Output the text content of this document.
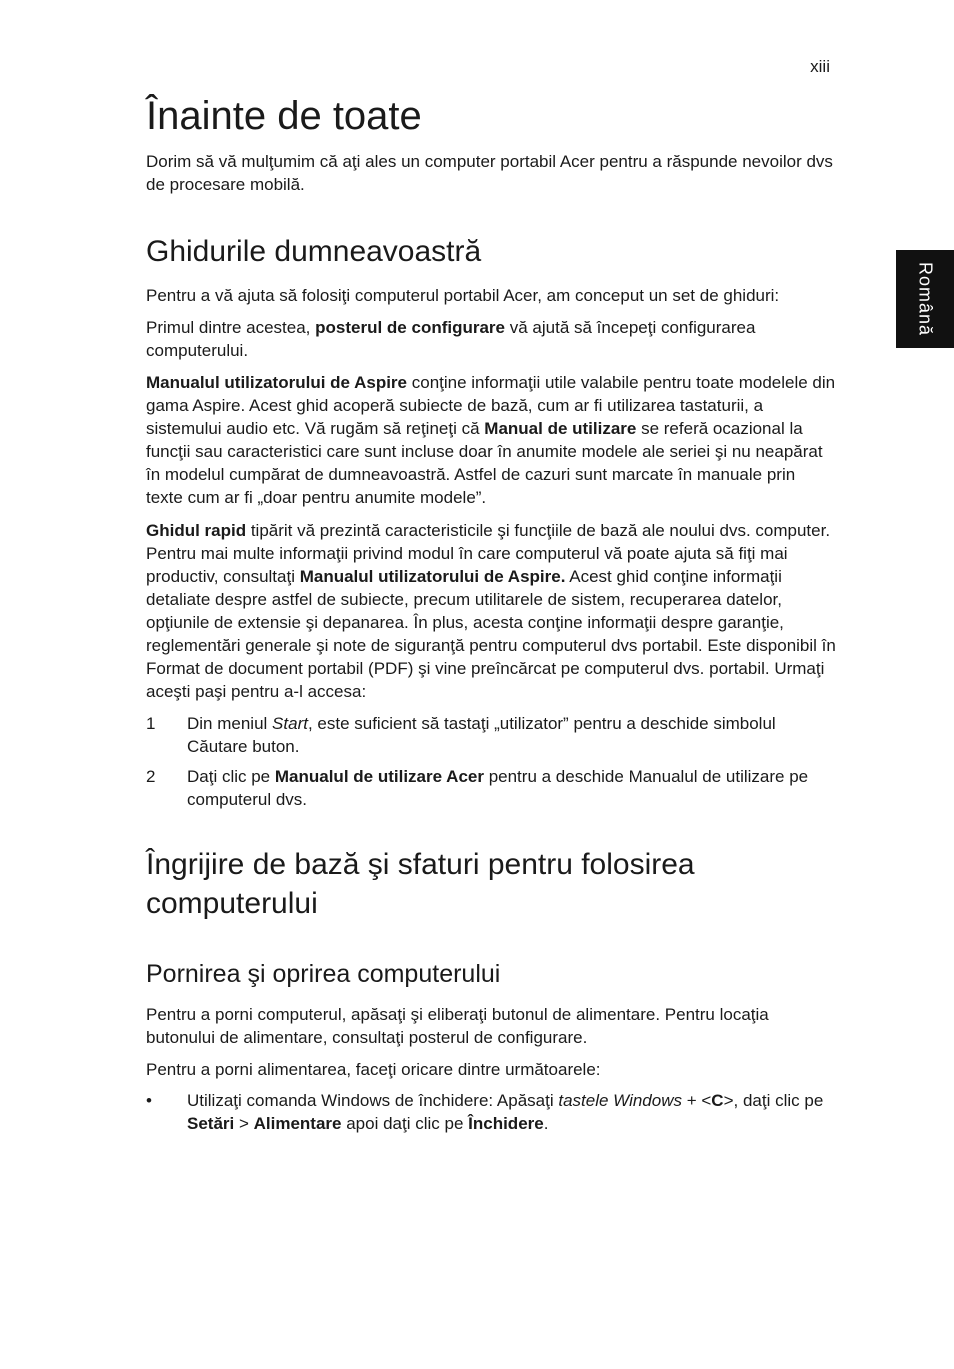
xiii
Română
Înainte de toate

Dorim să vă mulţumim că aţi ales un computer portabil Acer pentru a răspunde nevoilor dvs de procesare mobilă.

Ghidurile dumneavoastră

Pentru a vă ajuta să folosiţi computerul portabil Acer, am conceput un set de ghiduri:

Primul dintre acestea, posterul de configurare vă ajută să începeţi configurarea computerului.

Manualul utilizatorului de Aspire conţine informaţii utile valabile pentru toate modelele din gama Aspire. Acest ghid acoperă subiecte de bază, cum ar fi utilizarea tastaturii, a sistemului audio etc. Vă rugăm să reţineţi că Manual de utilizare se referă ocazional la funcţii sau caracteristici care sunt incluse doar în anumite modele ale seriei şi nu neapărat în modelul cumpărat de dumneavoastră. Astfel de cazuri sunt marcate în manuale prin texte cum ar fi „doar pentru anumite modele”.

Ghidul rapid tipărit vă prezintă caracteristicile şi funcţiile de bază ale noului dvs. computer. Pentru mai multe informaţii privind modul în care computerul vă poate ajuta să fiţi mai productiv, consultaţi Manualul utilizatorului de Aspire. Acest ghid conţine informaţii detaliate despre astfel de subiecte, precum utilitarele de sistem, recuperarea datelor, opţiunile de extensie şi depanarea. În plus, acesta conţine informaţii despre garanţie, reglementări generale şi note de siguranţă pentru computerul dvs portabil. Este disponibil în Format de document portabil (PDF) şi vine preîncărcat pe computerul dvs. portabil. Urmaţi aceşti paşi pentru a-l accesa:

1 Din meniul Start, este suficient să tastaţi „utilizator” pentru a deschide simbolul Căutare buton.
2 Daţi clic pe Manualul de utilizare Acer pentru a deschide Manualul de utilizare pe computerul dvs.
Îngrijire de bază şi sfaturi pentru folosirea computerului
Pornirea şi oprirea computerului

Pentru a porni computerul, apăsaţi şi eliberaţi butonul de alimentare. Pentru locaţia butonului de alimentare, consultaţi posterul de configurare.

Pentru a porni alimentarea, faceţi oricare dintre următoarele:

• Utilizaţi comanda Windows de închidere: Apăsaţi tastele Windows + <C>, daţi clic pe Setări > Alimentare apoi daţi clic pe Închidere.
